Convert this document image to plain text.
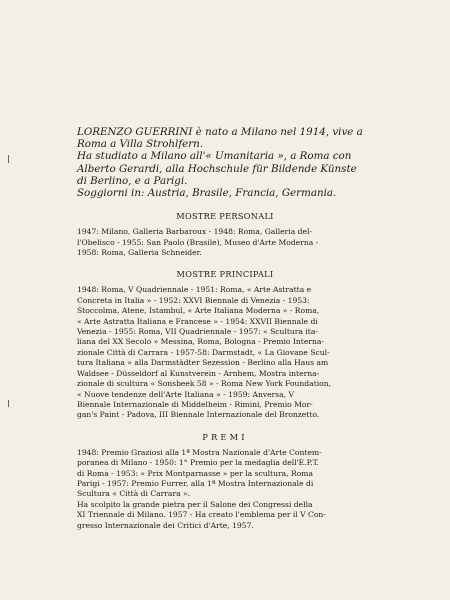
LORENZO GUERRINI è nato a Milano nel 1914, vive a
Roma a Villa Strohlfern.
Ha studiato a Milano all'« Umanitaria », a Roma con
Alberto Gerardi, alla Hochschule für Bildende Künste
di Berlino, e a Parigi.
Soggiorni in: Austria, Brasile, Francia, Germania.
MOSTRE PERSONALI
1947: Milano, Galleria Barbaroux - 1948: Roma, Galleria del-
l'Obelisco - 1955: San Paolo (Brasile), Museo d'Arte Moderna -
1958: Roma, Galleria Schneider.
MOSTRE PRINCIPALI
1948: Roma, V Quadriennale - 1951: Roma, « Arte Astratta e
Concreta in Italia » - 1952: XXVI Biennale di Venezia - 1953:
Stoccolma, Atene, Istambul, « Arte Italiana Moderna » - Roma,
« Arte Astratta Italiana e Francese » - 1954: XXVII Biennale di
Venezia - 1955: Roma, VII Quadriennale - 1957: « Scultura ita-
liana del XX Secolo » Messina, Roma, Bologna - Premio Interna-
zionale Città di Carrara - 1957-58: Darmstadt, « La Giovane Scul-
tura Italiana » alla Darmstädter Sezession - Berlino alla Haus am
Waldsee - Düsseldorf al Kunstverein - Arnhem, Mostra interna-
zionale di scultura « Sonsbeek 58 » - Roma New York Foundation,
« Nuove tendenze dell'Arte Italiana » - 1959: Anversa, V
Biennale Internazionale di Middelheim - Rimini, Premio Mor-
gan's Paint - Padova, III Biennale Internazionale del Bronzetto.
PREMI
1948: Premio Graziosi alla 1ª Mostra Nazionale d'Arte Contem-
poranea di Milano - 1950: 1° Premio per la medaglia dell'E.P.T.
di Roma - 1953: « Prix Montparnasse » per la scultura, Roma
Parigi - 1957: Premio Furrer, alla 1ª Mostra Internazionale di
Scultura « Città di Carrara ».
Ha scolpito la grande pietra per il Salone dei Congressi della
XI Triennale di Milano. 1957 - Ha creato l'emblema per il V Con-
gresso Internazionale dei Critici d'Arte, 1957.
